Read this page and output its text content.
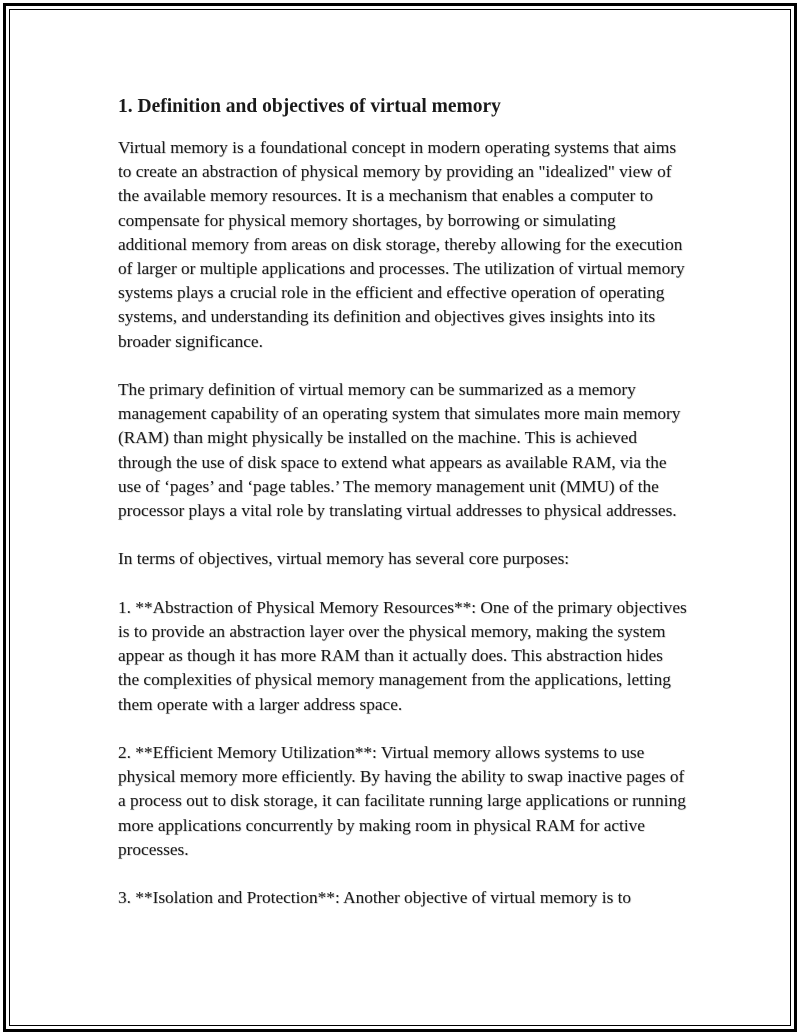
1. Definition and objectives of virtual memory

Virtual memory is a foundational concept in modern operating systems that aims to create an abstraction of physical memory by providing an "idealized" view of the available memory resources. It is a mechanism that enables a computer to compensate for physical memory shortages, by borrowing or simulating additional memory from areas on disk storage, thereby allowing for the execution of larger or multiple applications and processes. The utilization of virtual memory systems plays a crucial role in the efficient and effective operation of operating systems, and understanding its definition and objectives gives insights into its broader significance.

The primary definition of virtual memory can be summarized as a memory management capability of an operating system that simulates more main memory (RAM) than might physically be installed on the machine. This is achieved through the use of disk space to extend what appears as available RAM, via the use of ‘pages’ and ‘page tables.’ The memory management unit (MMU) of the processor plays a vital role by translating virtual addresses to physical addresses.

In terms of objectives, virtual memory has several core purposes:

1. **Abstraction of Physical Memory Resources**: One of the primary objectives is to provide an abstraction layer over the physical memory, making the system appear as though it has more RAM than it actually does. This abstraction hides the complexities of physical memory management from the applications, letting them operate with a larger address space.

2. **Efficient Memory Utilization**: Virtual memory allows systems to use physical memory more efficiently. By having the ability to swap inactive pages of a process out to disk storage, it can facilitate running large applications or running more applications concurrently by making room in physical RAM for active processes.

3. **Isolation and Protection**: Another objective of virtual memory is to
